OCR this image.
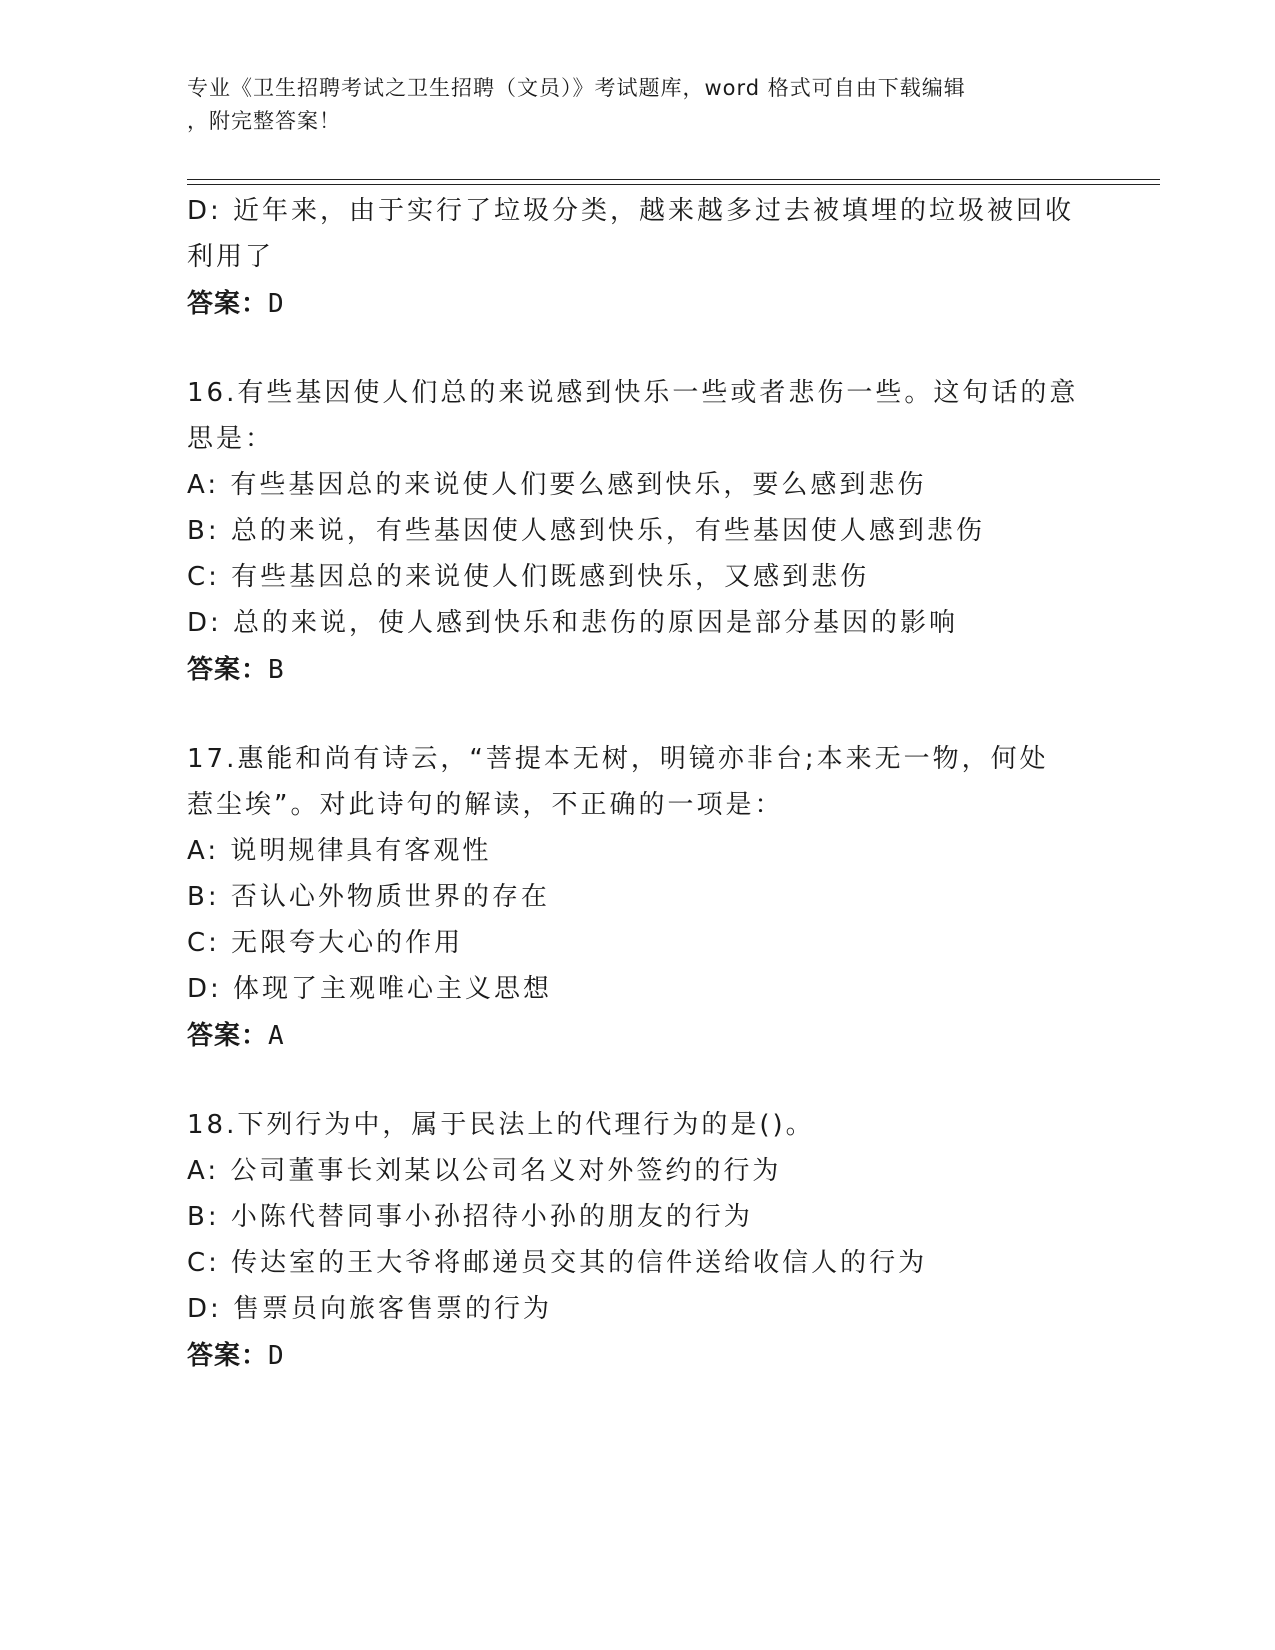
专业《卫生招聘考试之卫生招聘（文员）》考试题库，word 格式可自由下载编辑
，附完整答案！
D: 近年来，由于实行了垃圾分类，越来越多过去被填埋的垃圾被回收
利用了
答案：D
16.有些基因使人们总的来说感到快乐一些或者悲伤一些。这句话的意
思是：
A: 有些基因总的来说使人们要么感到快乐，要么感到悲伤
B: 总的来说，有些基因使人感到快乐，有些基因使人感到悲伤
C: 有些基因总的来说使人们既感到快乐，又感到悲伤
D: 总的来说，使人感到快乐和悲伤的原因是部分基因的影响
答案：B
17.惠能和尚有诗云，“菩提本无树，明镜亦非台;本来无一物，何处
惹尘埃”。对此诗句的解读，不正确的一项是：
A: 说明规律具有客观性
B: 否认心外物质世界的存在
C: 无限夸大心的作用
D: 体现了主观唯心主义思想
答案：A
18.下列行为中，属于民法上的代理行为的是()。
A: 公司董事长刘某以公司名义对外签约的行为
B: 小陈代替同事小孙招待小孙的朋友的行为
C: 传达室的王大爷将邮递员交其的信件送给收信人的行为
D: 售票员向旅客售票的行为
答案：D
